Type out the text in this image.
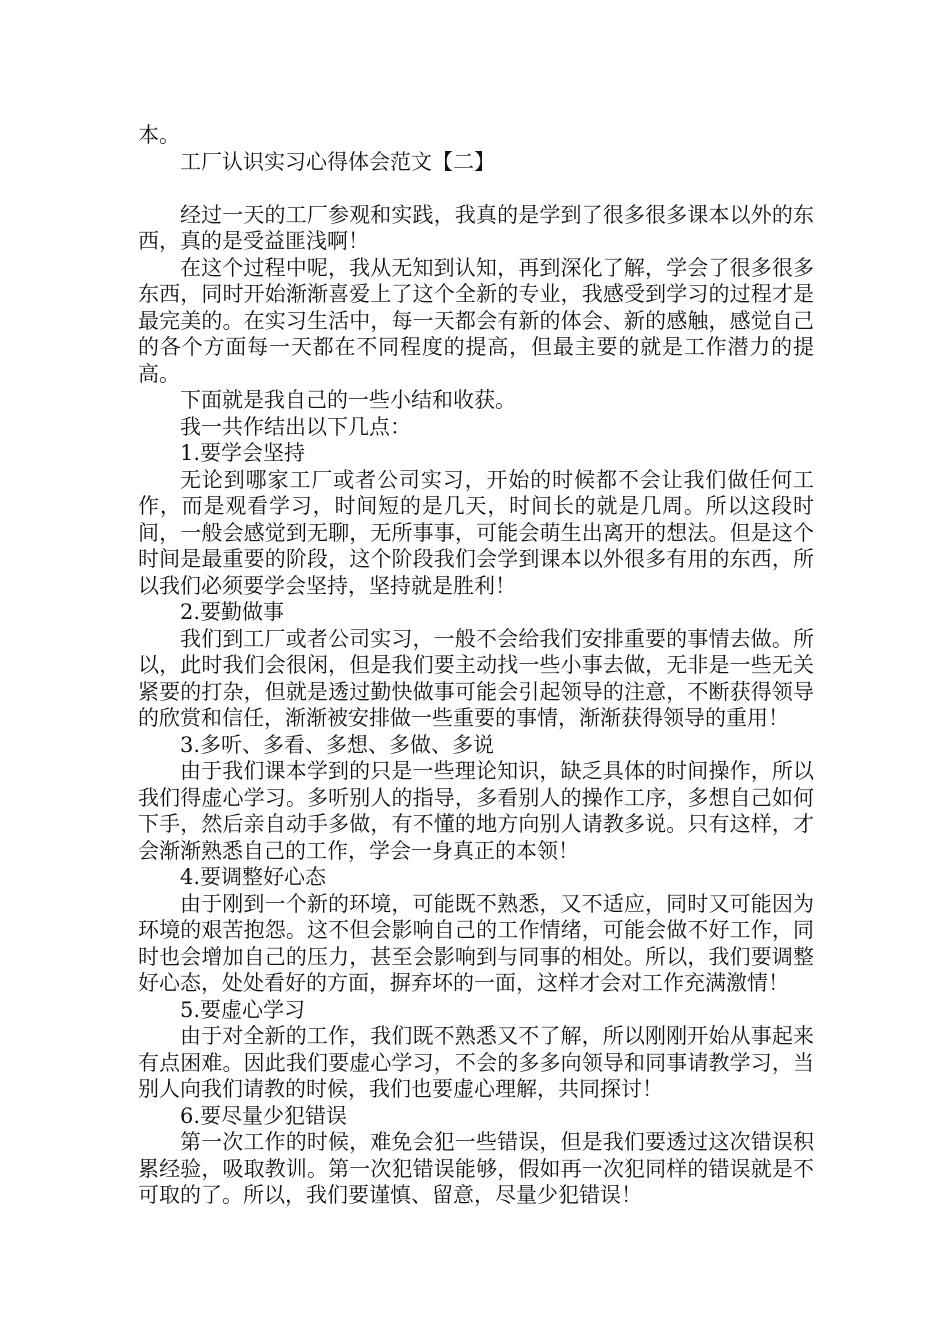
本。

工厂认识实习心得体会范文【二】

经过一天的工厂参观和实践，我真的是学到了很多很多课本以外的东西，真的是受益匪浅啊！

在这个过程中呢，我从无知到认知，再到深化了解，学会了很多很多东西，同时开始渐渐喜爱上了这个全新的专业，我感受到学习的过程才是最完美的。在实习生活中，每一天都会有新的体会、新的感触，感觉自己的各个方面每一天都在不同程度的提高，但最主要的就是工作潜力的提高。

下面就是我自己的一些小结和收获。

我一共作结出以下几点：

1.要学会坚持

无论到哪家工厂或者公司实习，开始的时候都不会让我们做任何工作，而是观看学习，时间短的是几天，时间长的就是几周。所以这段时间，一般会感觉到无聊，无所事事，可能会萌生出离开的想法。但是这个时间是最重要的阶段，这个阶段我们会学到课本以外很多有用的东西，所以我们必须要学会坚持，坚持就是胜利！

2.要勤做事

我们到工厂或者公司实习，一般不会给我们安排重要的事情去做。所以，此时我们会很闲，但是我们要主动找一些小事去做，无非是一些无关紧要的打杂，但就是透过勤快做事可能会引起领导的注意，不断获得领导的欣赏和信任，渐渐被安排做一些重要的事情，渐渐获得领导的重用！

3.多听、多看、多想、多做、多说

由于我们课本学到的只是一些理论知识，缺乏具体的时间操作，所以我们得虚心学习。多听别人的指导，多看别人的操作工序，多想自己如何下手，然后亲自动手多做，有不懂的地方向别人请教多说。只有这样，才会渐渐熟悉自己的工作，学会一身真正的本领！

4.要调整好心态

由于刚到一个新的环境，可能既不熟悉，又不适应，同时又可能因为环境的艰苦抱怨。这不但会影响自己的工作情绪，可能会做不好工作，同时也会增加自己的压力，甚至会影响到与同事的相处。所以，我们要调整好心态，处处看好的方面，摒弃坏的一面，这样才会对工作充满激情！

5.要虚心学习

由于对全新的工作，我们既不熟悉又不了解，所以刚刚开始从事起来有点困难。因此我们要虚心学习，不会的多多向领导和同事请教学习，当别人向我们请教的时候，我们也要虚心理解，共同探讨！

6.要尽量少犯错误

第一次工作的时候，难免会犯一些错误，但是我们要透过这次错误积累经验，吸取教训。第一次犯错误能够，假如再一次犯同样的错误就是不可取的了。所以，我们要谨慎、留意，尽量少犯错误！
